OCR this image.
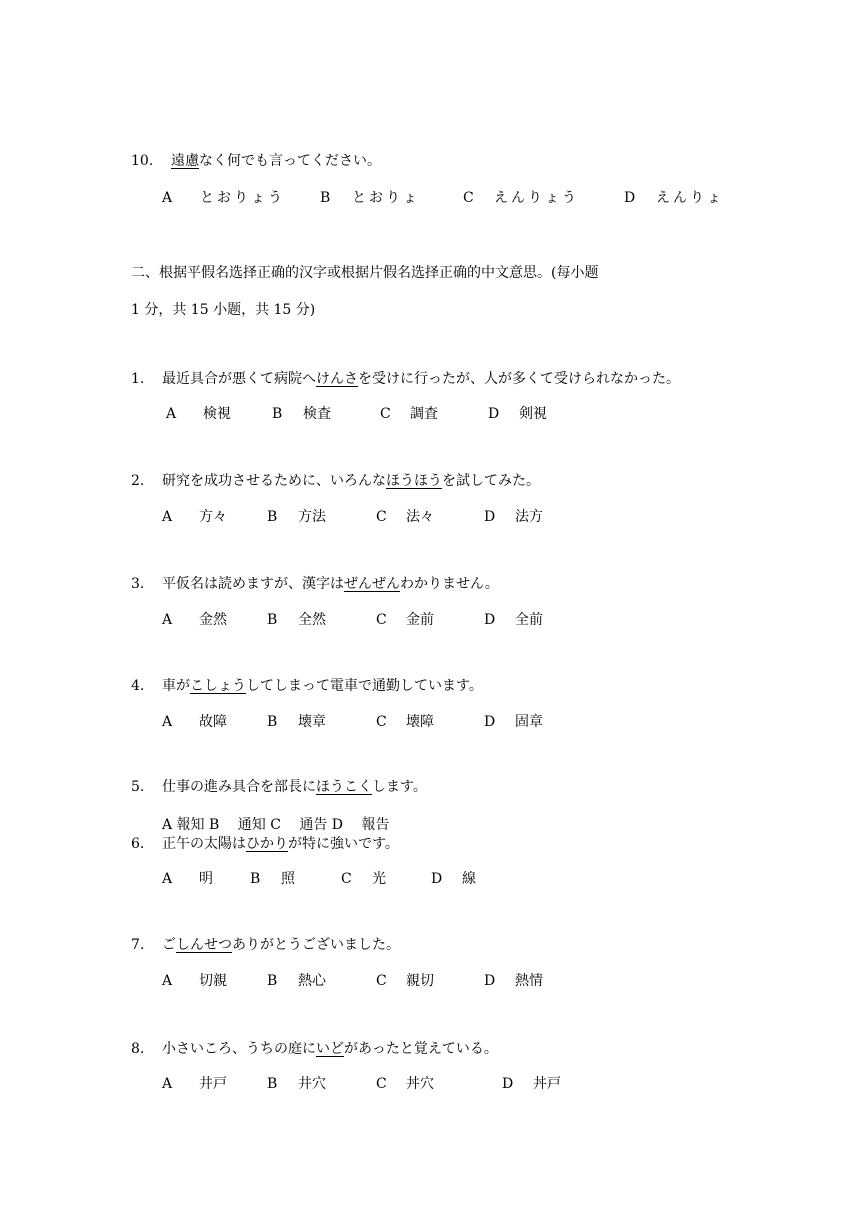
10.	遠慮 なく何でも言ってください。
A とおりょう	B とおりょ	C えんりょう	D えんりょ
二、根据平假名选择正确的汉字或根据片假名选择正确的中文意思。(每小题
1 分，共 15 小题，共 15 分)
1.	最近具合が悪くて病院へ けんさ を受けに行ったが、人が多くて受けられなかった。
A 検視	B 検査	C 調査	D 剣視
2.	研究を成功させるために、いろんな ほうほう を試してみた。
A 方々	B 方法	C 法々	D 法方
3.	平仮名は読めますが、漢字は ぜんぜん わかりません。
A 金然	B 全然	C 金前	D 全前
4.	車が こしょう してしまって電車で通勤しています。
A 故障	B 壊章	C 壊障	D 固章
5.	仕事の進み具合を部長に ほうこく します。
A 報知 B　 通知 C　 通告 D　 報告
6.	正午の太陽は ひかり が特に強いです。
A 明	B 照	C 光	D 線
7.	ご しんせつ ありがとうございました。
A 切親	B 熱心	C 親切	D 熱情
8.	小さいころ、うちの庭に いど があったと覚えている。
A 井戸	B 井穴	C 丼穴	D 丼戸
